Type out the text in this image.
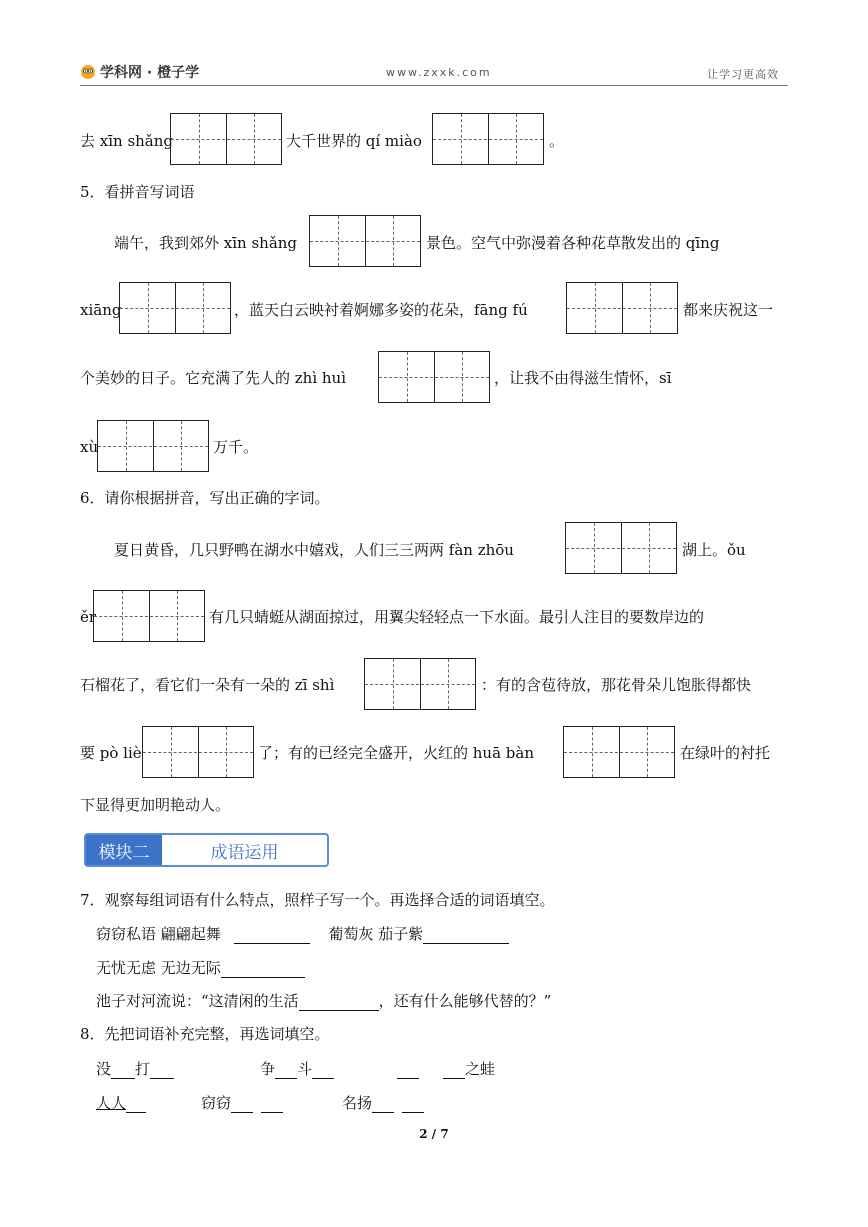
学科网 · 橙子学	www.zxxk.com	让学习更高效
去 xīn shǎng	大千世界的 qí miào	。
5．看拼音写词语
端午，我到郊外 xīn shǎng	景色。空气中弥漫着各种花草散发出的 qīng
xiāng	，蓝天白云映衬着婀娜多姿的花朵，fāng fú	都来庆祝这一
个美妙的日子。它充满了先人的 zhì huì	，让我不由得滋生情怀，sī
xù	万千。
6．请你根据拼音，写出正确的字词。
夏日黄昏，几只野鸭在湖水中嬉戏，人们三三两两 fàn zhōu	湖上。ǒu
ěr	有几只蜻蜓从湖面掠过，用翼尖轻轻点一下水面。最引人注目的要数岸边的
石榴花了，看它们一朵有一朵的 zī shì	：有的含苞待放，那花骨朵儿饱胀得都快
要 pò liè	了；有的已经完全盛开，火红的 huā bàn	在绿叶的衬托
下显得更加明艳动人。
模块二	成语运用
7．观察每组词语有什么特点，照样子写一个。再选择合适的词语填空。
窃窃私语 翩翩起舞	葡萄灰 茄子紫
无忧无虑 无边无际
池子对河流说：“这清闲的生活	，还有什么能够代替的？”
8．先把词语补充完整，再选词填空。
没 打	争 斗	之蛙
人人	窃窃	名扬
2 / 7
